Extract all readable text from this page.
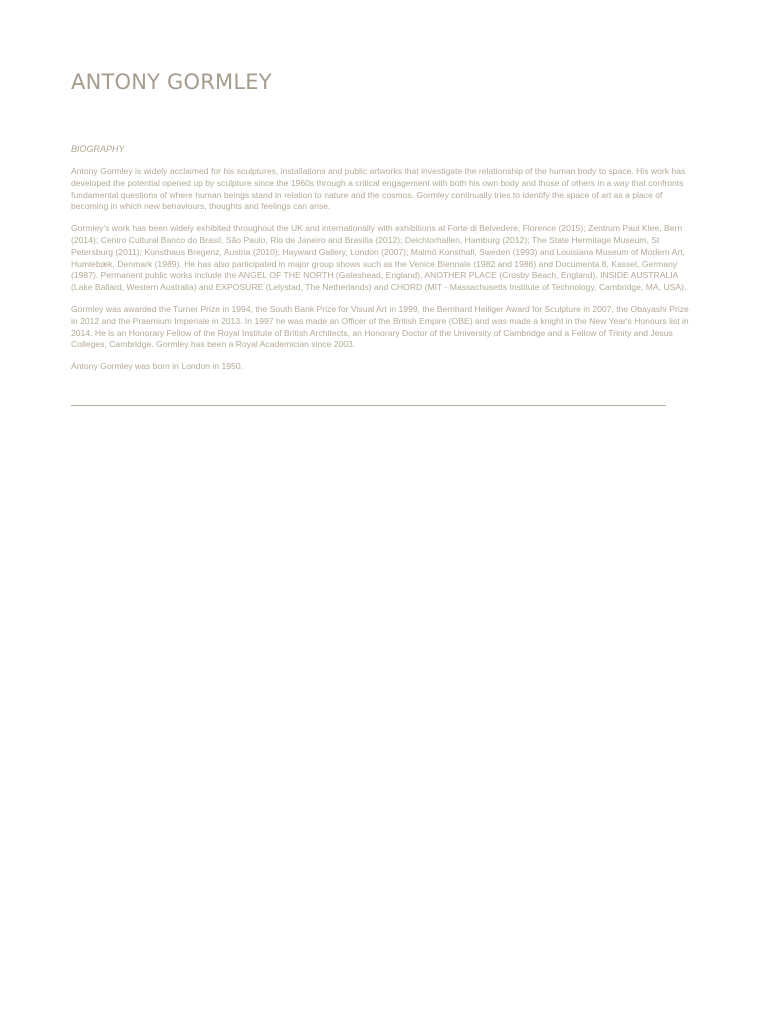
ANTONY GORMLEY

BIOGRAPHY

Antony Gormley is widely acclaimed for his sculptures, installations and public artworks that investigate the relationship of the human body to space. His work has developed the potential opened up by sculpture since the 1960s through a critical engagement with both his own body and those of others in a way that confronts fundamental questions of where human beings stand in relation to nature and the cosmos. Gormley continually tries to identify the space of art as a place of becoming in which new behaviours, thoughts and feelings can arise.

Gormley's work has been widely exhibited throughout the UK and internationally with exhibitions at Forte di Belvedere, Florence (2015); Zentrum Paul Klee, Bern (2014); Centro Cultural Banco do Brasil, São Paulo, Rio de Janeiro and Brasilia (2012); Deichtorhallen, Hamburg (2012); The State Hermitage Museum, St Petersburg (2011); Kunsthaus Bregenz, Austria (2010); Hayward Gallery, London (2007); Malmö Konsthall, Sweden (1993) and Louisiana Museum of Modern Art, Humlebæk, Denmark (1989). He has also participated in major group shows such as the Venice Biennale (1982 and 1986) and Documenta 8, Kassel, Germany (1987). Permanent public works include the ANGEL OF THE NORTH (Gateshead, England), ANOTHER PLACE (Crosby Beach, England), INSIDE AUSTRALIA (Lake Ballard, Western Australia) and EXPOSURE (Lelystad, The Netherlands) and CHORD (MIT - Massachusetts Institute of Technology, Cambridge, MA, USA).

Gormley was awarded the Turner Prize in 1994, the South Bank Prize for Visual Art in 1999, the Bernhard Heiliger Award for Sculpture in 2007, the Obayashi Prize in 2012 and the Praemium Imperiale in 2013. In 1997 he was made an Officer of the British Empire (OBE) and was made a knight in the New Year's Honours list in 2014. He is an Honorary Fellow of the Royal Institute of British Architects, an Honorary Doctor of the University of Cambridge and a Fellow of Trinity and Jesus Colleges, Cambridge. Gormley has been a Royal Academician since 2003.

Antony Gormley was born in London in 1950.
